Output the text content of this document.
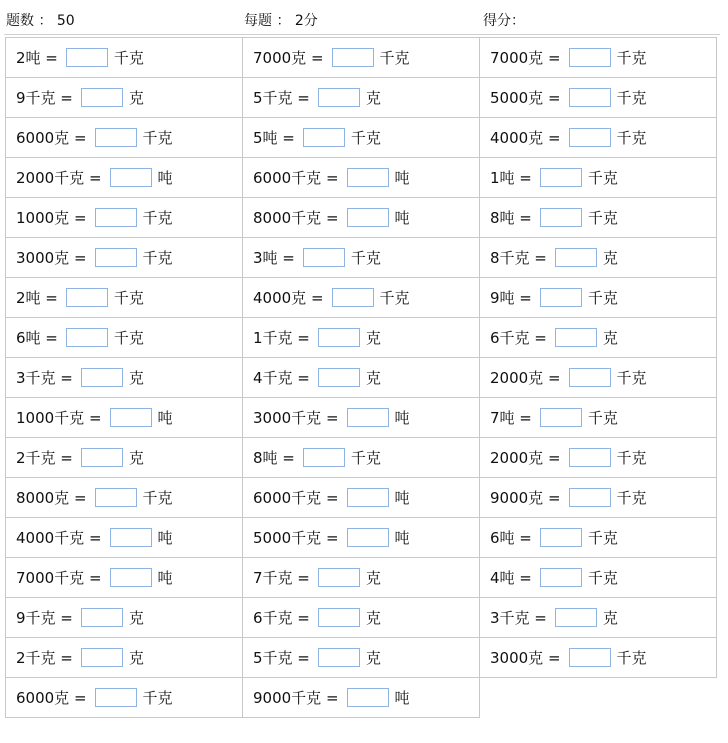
题数 ： 50	每题 ： 2分	得分：
2吨 = 千克	7000克 = 千克	7000克 = 千克
9千克 = 克	5千克 = 克	5000克 = 千克
6000克 = 千克	5吨 = 千克	4000克 = 千克
2000千克 = 吨	6000千克 = 吨	1吨 = 千克
1000克 = 千克	8000千克 = 吨	8吨 = 千克
3000克 = 千克	3吨 = 千克	8千克 = 克
2吨 = 千克	4000克 = 千克	9吨 = 千克
6吨 = 千克	1千克 = 克	6千克 = 克
3千克 = 克	4千克 = 克	2000克 = 千克
1000千克 = 吨	3000千克 = 吨	7吨 = 千克
2千克 = 克	8吨 = 千克	2000克 = 千克
8000克 = 千克	6000千克 = 吨	9000克 = 千克
4000千克 = 吨	5000千克 = 吨	6吨 = 千克
7000千克 = 吨	7千克 = 克	4吨 = 千克
9千克 = 克	6千克 = 克	3千克 = 克
2千克 = 克	5千克 = 克	3000克 = 千克
6000克 = 千克	9000千克 = 吨	
